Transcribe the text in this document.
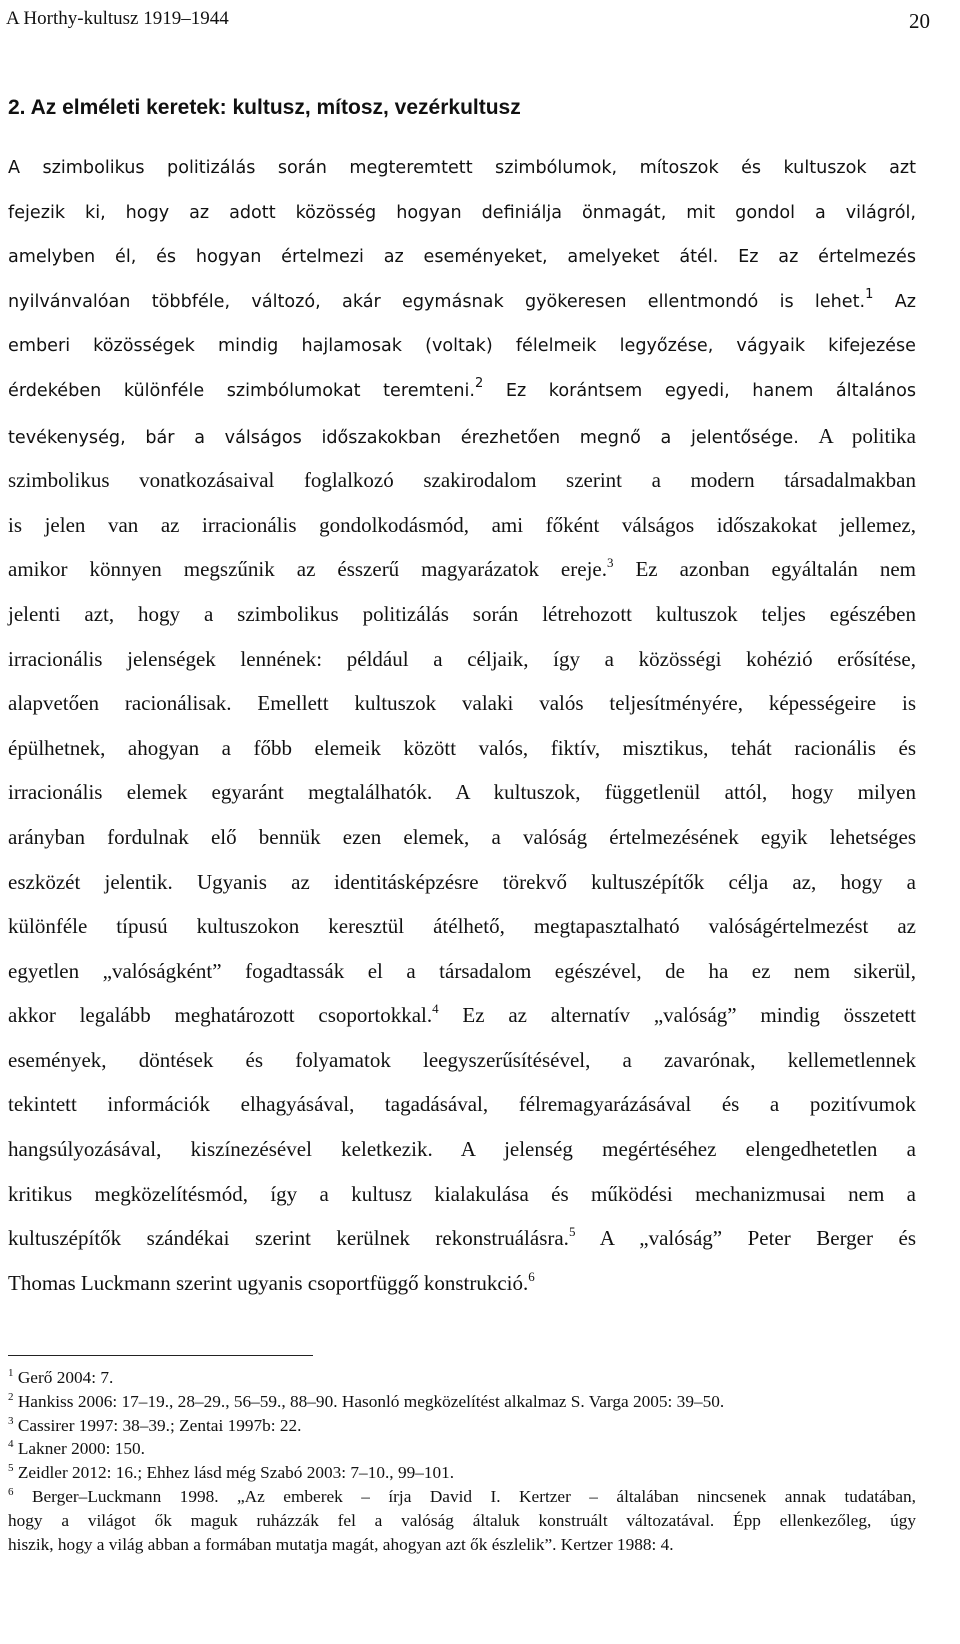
A Horthy-kultusz 1919–1944	20
2. Az elméleti keretek: kultusz, mítosz, vezérkultusz
A szimbolikus politizálás során megteremtett szimbólumok, mítoszok és kultuszok azt
fejezik ki, hogy az adott közösség hogyan definiálja önmagát, mit gondol a világról,
amelyben él, és hogyan értelmezi az eseményeket, amelyeket átél. Ez az értelmezés
nyilvánvalóan többféle, változó, akár egymásnak gyökeresen ellentmondó is lehet.$^1$ Az
emberi közösségek mindig hajlamosak (voltak) félelmeik legyőzése, vágyaik kifejezése
érdekében különféle szimbólumokat teremteni.$^2$ Ez korántsem egyedi, hanem általános
tevékenység, bár a válságos időszakokban érezhetően megnő a jelentősége. A politika
szimbolikus vonatkozásaival foglalkozó szakirodalom szerint a modern társadalmakban
is jelen van az irracionális gondolkodásmód, ami főként válságos időszakokat jellemez,
amikor könnyen megszűnik az ésszerű magyarázatok ereje.$^3$ Ez azonban egyáltalán nem
jelenti azt, hogy a szimbolikus politizálás során létrehozott kultuszok teljes egészében
irracionális jelenségek lennének: például a céljaik, így a közösségi kohézió erősítése,
alapvetően racionálisak. Emellett kultuszok valaki valós teljesítményére, képességeire is
épülhetnek, ahogyan a főbb elemeik között valós, fiktív, misztikus, tehát racionális és
irracionális elemek egyaránt megtalálhatók. A kultuszok, függetlenül attól, hogy milyen
arányban fordulnak elő bennük ezen elemek, a valóság értelmezésének egyik lehetséges
eszközét jelentik. Ugyanis az identitásképzésre törekvő kultuszépítők célja az, hogy a
különféle típusú kultuszokon keresztül átélhető, megtapasztalható valóságértelmezést az
egyetlen „valóságként” fogadtassák el a társadalom egészével, de ha ez nem sikerül,
akkor legalább meghatározott csoportokkal.$^4$ Ez az alternatív „valóság” mindig összetett
események, döntések és folyamatok leegyszerűsítésével, a zavarónak, kellemetlennek
tekintett információk elhagyásával, tagadásával, félremagyarázásával és a pozitívumok
hangsúlyozásával, kiszínezésével keletkezik. A jelenség megértéséhez elengedhetetlen a
kritikus megközelítésmód, így a kultusz kialakulása és működési mechanizmusai nem a
kultuszépítők szándékai szerint kerülnek rekonstruálásra.$^5$ A „valóság” Peter Berger és
Thomas Luckmann szerint ugyanis csoportfüggő konstrukció.$^6$
$^1$ Gerő 2004: 7.
$^2$ Hankiss 2006: 17–19., 28–29., 56–59., 88–90. Hasonló megközelítést alkalmaz S. Varga 2005: 39–50.
$^3$ Cassirer 1997: 38–39.; Zentai 1997b: 22.
$^4$ Lakner 2000: 150.
$^5$ Zeidler 2012: 16.; Ehhez lásd még Szabó 2003: 7–10., 99–101.
$^6$ Berger–Luckmann 1998. „Az emberek – írja David I. Kertzer – általában nincsenek annak tudatában,
hogy a világot ők maguk ruházzák fel a valóság általuk konstruált változatával. Épp ellenkezőleg, úgy
hiszik, hogy a világ abban a formában mutatja magát, ahogyan azt ők észlelik”. Kertzer 1988: 4.
